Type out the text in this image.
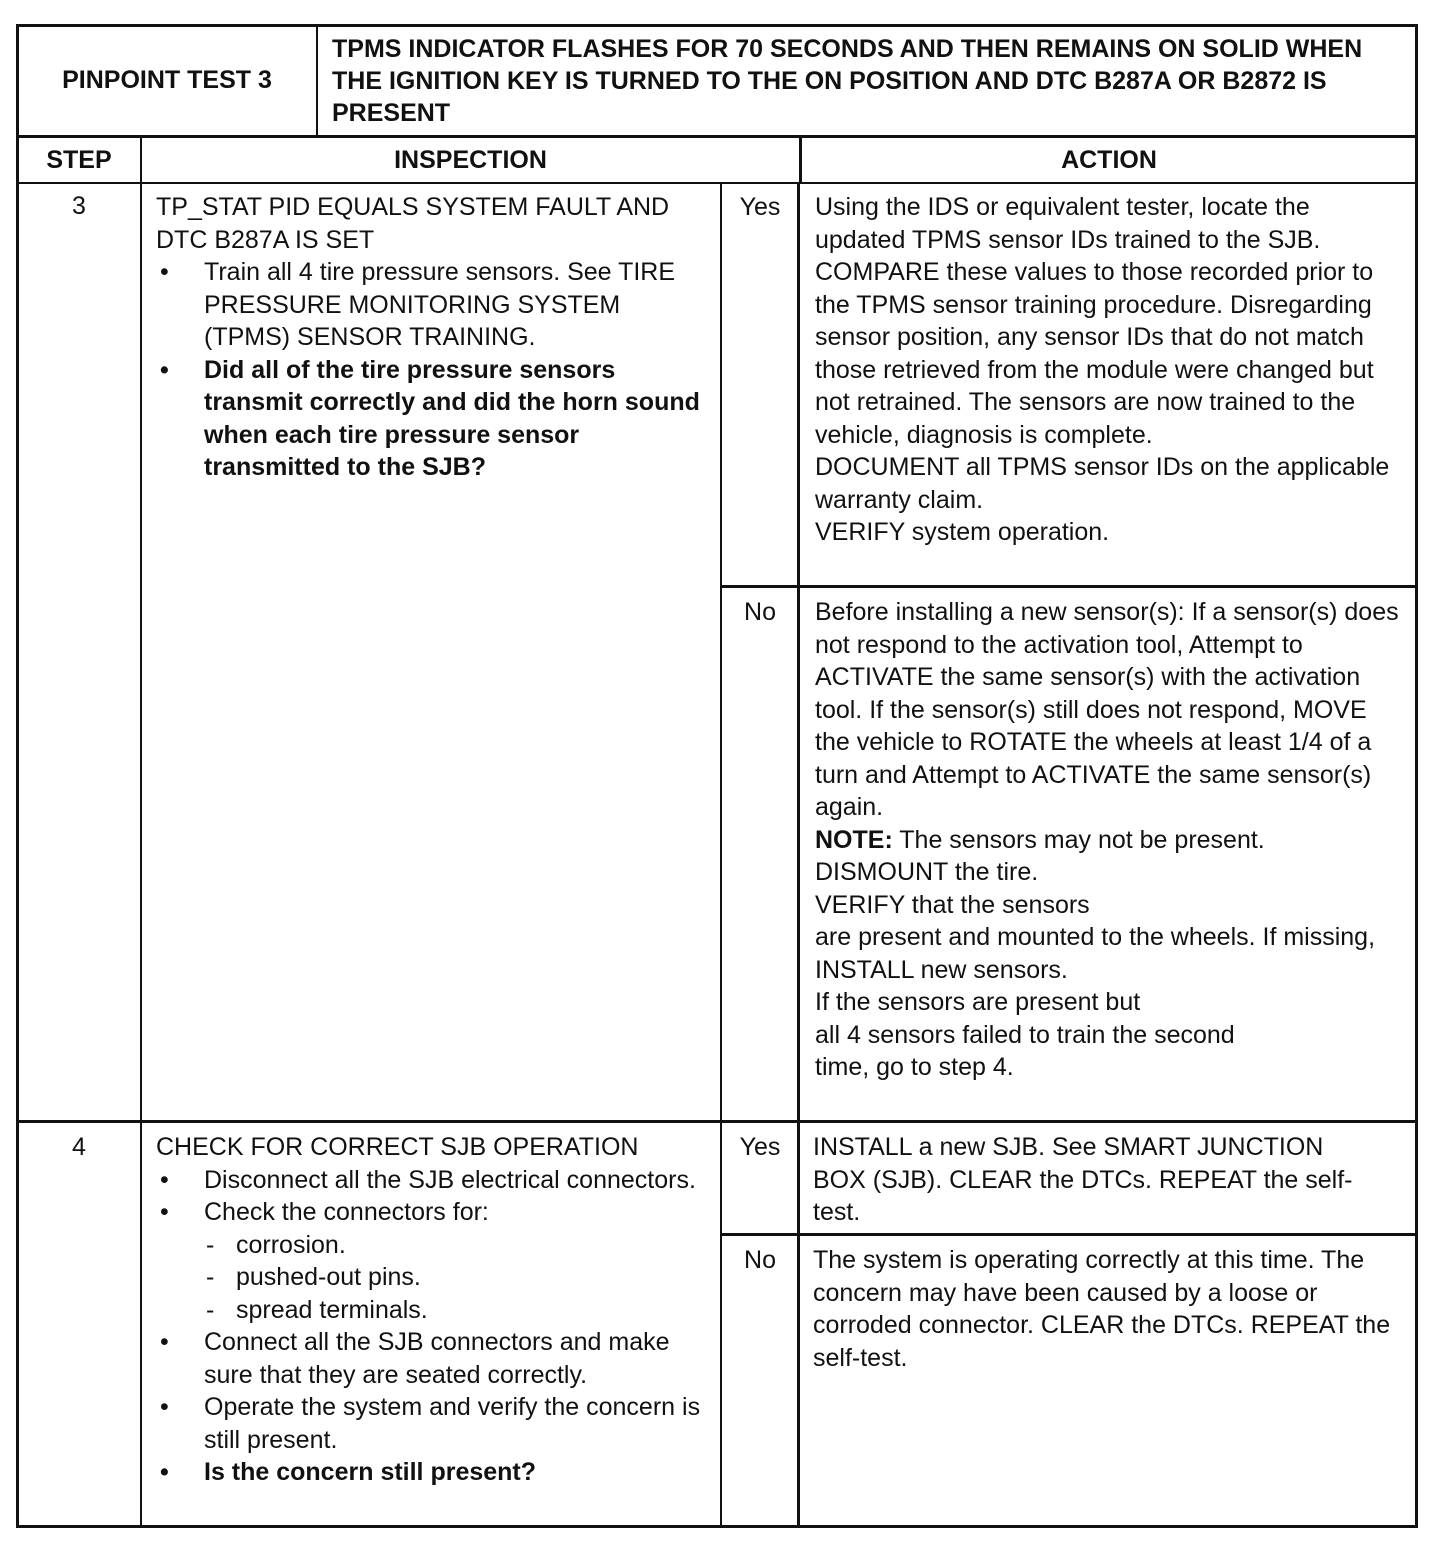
PINPOINT TEST 3
TPMS INDICATOR FLASHES FOR 70 SECONDS AND THEN REMAINS ON SOLID WHEN THE IGNITION KEY IS TURNED TO THE ON POSITION AND DTC B287A OR B2872 IS PRESENT
STEP	INSPECTION	ACTION
3	TP_STAT PID EQUALS SYSTEM FAULT AND DTC B287A IS SET
• Train all 4 tire pressure sensors. See TIRE PRESSURE MONITORING SYSTEM (TPMS) SENSOR TRAINING.
• Did all of the tire pressure sensors transmit correctly and did the horn sound when each tire pressure sensor transmitted to the SJB?
Yes	Using the IDS or equivalent tester, locate the updated TPMS sensor IDs trained to the SJB. COMPARE these values to those recorded prior to the TPMS sensor training procedure. Disregarding sensor position, any sensor IDs that do not match those retrieved from the module were changed but not retrained. The sensors are now trained to the vehicle, diagnosis is complete.
DOCUMENT all TPMS sensor IDs on the applicable warranty claim.
VERIFY system operation.
No	Before installing a new sensor(s): If a sensor(s) does not respond to the activation tool, Attempt to ACTIVATE the same sensor(s) with the activation tool. If the sensor(s) still does not respond, MOVE the vehicle to ROTATE the wheels at least 1/4 of a turn and Attempt to ACTIVATE the same sensor(s) again.
NOTE: The sensors may not be present.
DISMOUNT the tire.
VERIFY that the sensors
are present and mounted to the wheels. If missing, INSTALL new sensors.
If the sensors are present but
all 4 sensors failed to train the second
time, go to step 4.
4	CHECK FOR CORRECT SJB OPERATION
• Disconnect all the SJB electrical connectors.
• Check the connectors for:
- corrosion.
- pushed-out pins.
- spread terminals.
• Connect all the SJB connectors and make sure that they are seated correctly.
• Operate the system and verify the concern is still present.
• Is the concern still present?
Yes	INSTALL a new SJB. See SMART JUNCTION BOX (SJB). CLEAR the DTCs. REPEAT the self-test.
No	The system is operating correctly at this time. The concern may have been caused by a loose or corroded connector. CLEAR the DTCs. REPEAT the self-test.
